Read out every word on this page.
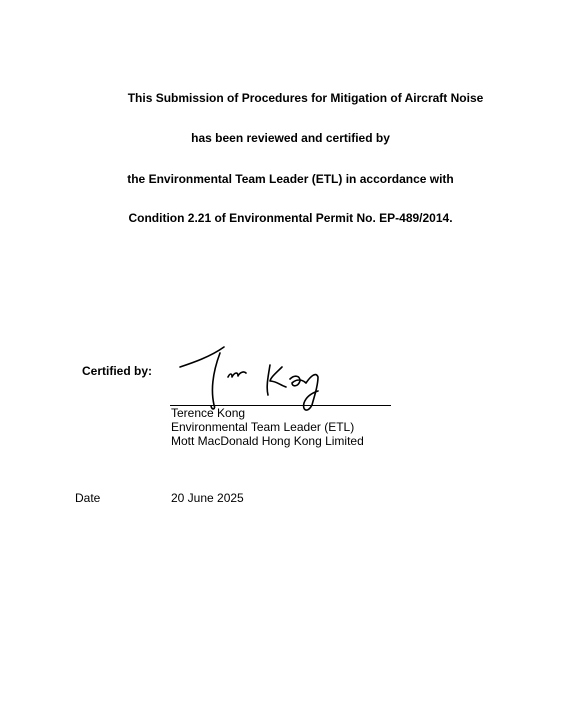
This Submission of Procedures for Mitigation of Aircraft Noise
has been reviewed and certified by
the Environmental Team Leader (ETL) in accordance with
Condition 2.21 of Environmental Permit No. EP-489/2014.
Certified by:
Terence Kong
Environmental Team Leader (ETL)
Mott MacDonald Hong Kong Limited
Date	20 June 2025
